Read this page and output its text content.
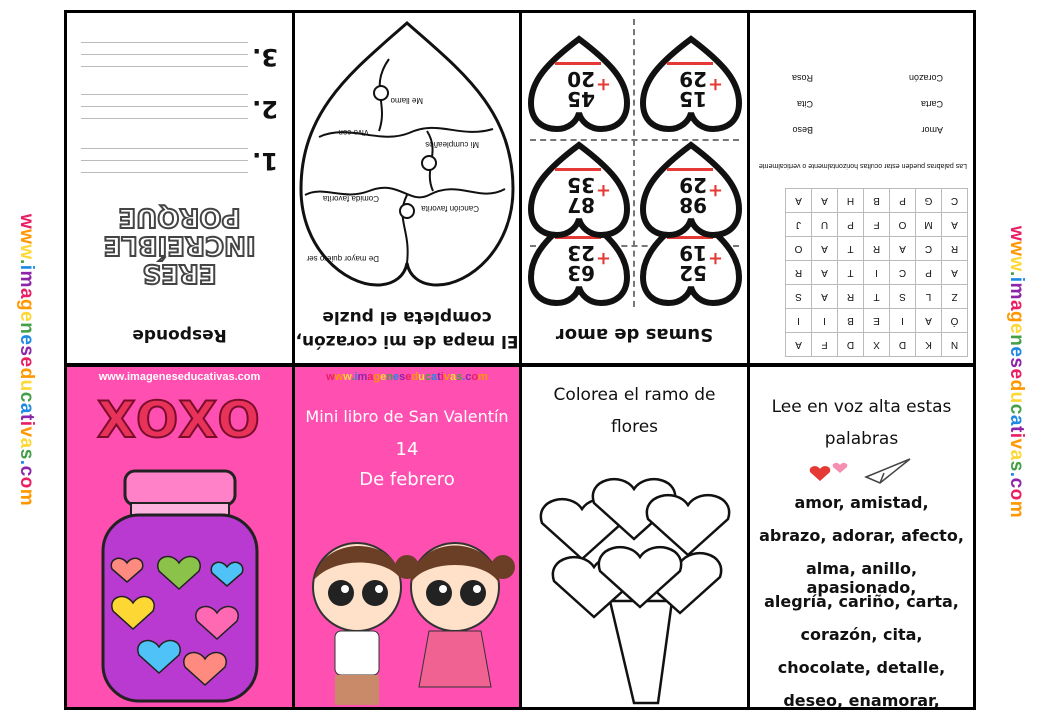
www.imageneseducativas.com
www.imageneseducativas.com
Responde
ERES
INCREÍBLE
PORQUE
1.
2.
3.
El mapa de mi corazón,
completa el puzle
De mayor quiero ser
Canción favorita
Comida favorita
Mi cumpleaños
Vivo con
Me llamo
Sumas de amor
52
+
19
63
+
23
98
+
29
87
+
35
15
+
29
45
+
20
N	K	D	X	D	F	A
Ó	A	I	E	B	I	I
Z	L	S	T	R	A	S
A	P	C	I	T	A	R
R	C	A	R	T	A	O
A	M	O	F	P	U	J
C	G	P	B	H	A	A
Las palabras pueden estar ocultas horizontalmente o verticalmente
Amor
Beso
Carta
Cita
Corazón
Rosa
www.imageneseducativas.com
XOXO
www.imageneseducativas.com
Mini libro de San Valentín
14
De febrero
Colorea el ramo de
flores
Lee en voz alta estas
palabras
amor, amistad,
abrazo, adorar, afecto,
alma, anillo, apasionado,
alegría, cariño, carta,
corazón, cita,
chocolate, detalle,
deseo, enamorar,
